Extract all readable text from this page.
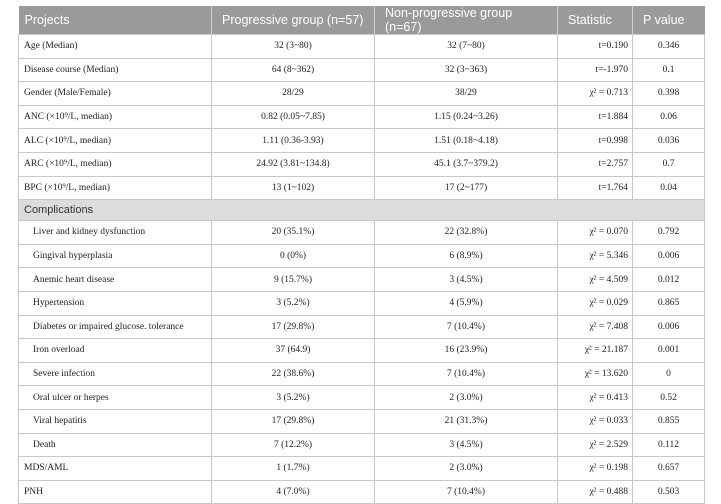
Projects	Progressive group (n=57)	Non-progressive group (n=67)	Statistic	P value
Age (Median)	32 (3~80)	32 (7~80)	t=0.190	0.346
Disease course (Median)	64 (8~362)	32 (3~363)	t=-1.970	0.1
Gender (Male/Female)	28/29	38/29	χ² = 0.713	0.398
ANC (×10⁹/L, median)	0.82 (0.05~7.85)	1.15 (0.24~3.26)	t=1.884	0.06
ALC (×10⁹/L, median)	1.11 (0.36-3.93)	1.51 (0.18~4.18)	t=0.998	0.036
ARC (×10⁹/L, median)	24.92 (3.81~134.8)	45.1 (3.7~379.2)	t=2.757	0.7
BPC (×10⁹/L, median)	13 (1~102)	17 (2~177)	t=1.764	0.04
Complications				
Liver and kidney dysfunction	20 (35.1%)	22 (32.8%)	χ² = 0.070	0.792
Gingival hyperplasia	0 (0%)	6 (8.9%)	χ² = 5.346	0.006
Anemic heart disease	9 (15.7%)	3 (4.5%)	χ² = 4.509	0.012
Hypertension	3 (5.2%)	4 (5.9%)	χ² = 0.029	0.865
Diabetes or impaired glucose. tolerance	17 (29.8%)	7 (10.4%)	χ² = 7.408	0.006
Iron overload	37 (64.9)	16 (23.9%)	χ² = 21.187	0.001
Severe infection	22 (38.6%)	7 (10.4%)	χ² = 13.620	0
Oral ulcer or herpes	3 (5.2%)	2 (3.0%)	χ² = 0.413	0.52
Viral hepatitis	17 (29.8%)	21 (31.3%)	χ² = 0.033	0.855
Death	7 (12.2%)	3 (4.5%)	χ² = 2.529	0.112
MDS/AML	1 (1.7%)	2 (3.0%)	χ² = 0.198	0.657
PNH	4 (7.0%)	7 (10.4%)	χ² = 0.488	0.503
